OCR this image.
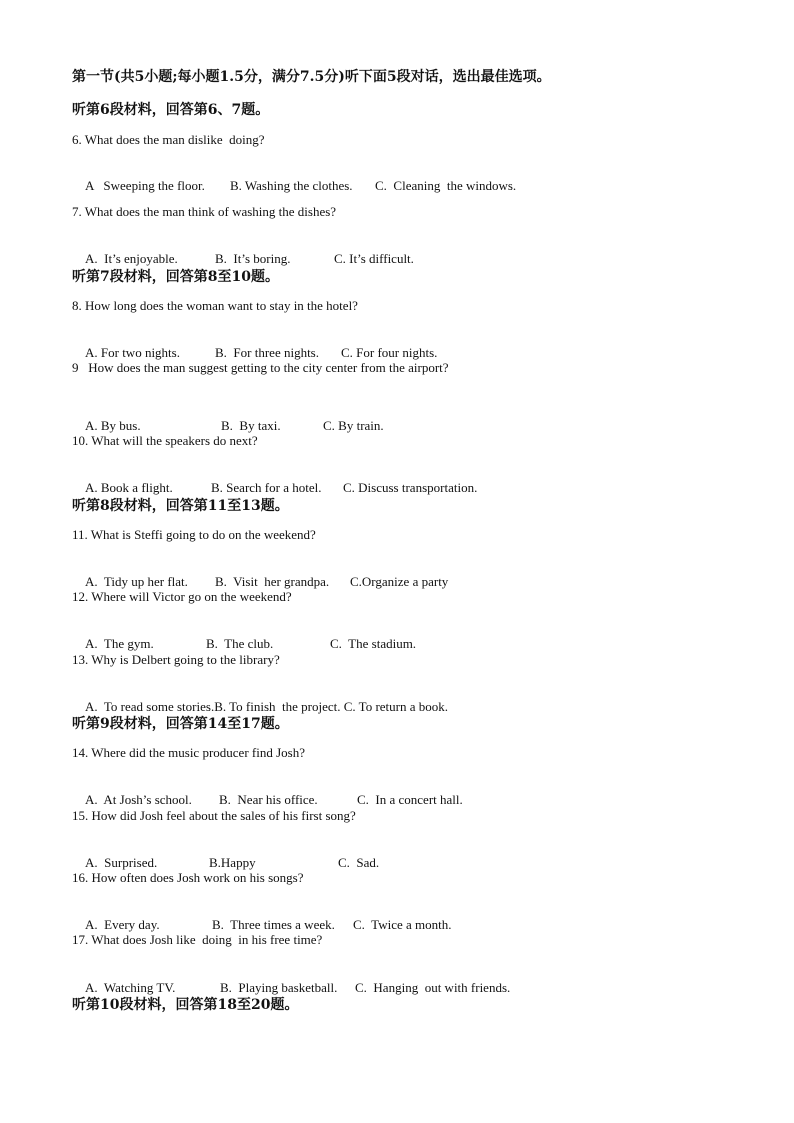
第一节(共5小题;每小题1.5分，满分7.5分)听下面5段对话，选出最佳选项。
听第6段材料，回答第6、7题。
6. What does the man dislike  doing?

A   Sweeping the floor. B. Washing the clothes. C.  Cleaning  the windows.

7. What does the man think of washing the dishes?

A.  It’s enjoyable.	B.  It’s boring.	C. It’s difficult.

听第7段材料，回答第8至10题。
8. How long does the woman want to stay in the hotel?

A. For two nights.	B.  For three nights. C. For four nights.

9   How does the man suggest getting to the city center from the airport?

A. By bus.	B.  By taxi.	C. By train.

10. What will the speakers do next?

A. Book a flight.	B. Search for a hotel. C. Discuss transportation.

听第8段材料，回答第11至13题。
11. What is Steffi going to do on the weekend?

A.  Tidy up her flat. B.  Visit  her grandpa. C.Organize a party

12. Where will Victor go on the weekend?

A.  The gym.	B.  The club.	C.  The stadium.

13. Why is Delbert going to the library?

A.  To read some stories.B. To finish  the project. C. To return a book.

听第9段材料，回答第14至17题。
14. Where did the music producer find Josh?

A.  At Josh’s school. B.  Near his office.	C.  In a concert hall.

15. How did Josh feel about the sales of his first song?

A.  Surprised.	B.Happy	C.  Sad.

16. How often does Josh work on his songs?

A.  Every day.	B.  Three times a week. C.  Twice a month.

17. What does Josh like  doing  in his free time?

A.  Watching TV.	B.  Playing basketball. C.  Hanging  out with friends.

听第10段材料，回答第18至20题。
